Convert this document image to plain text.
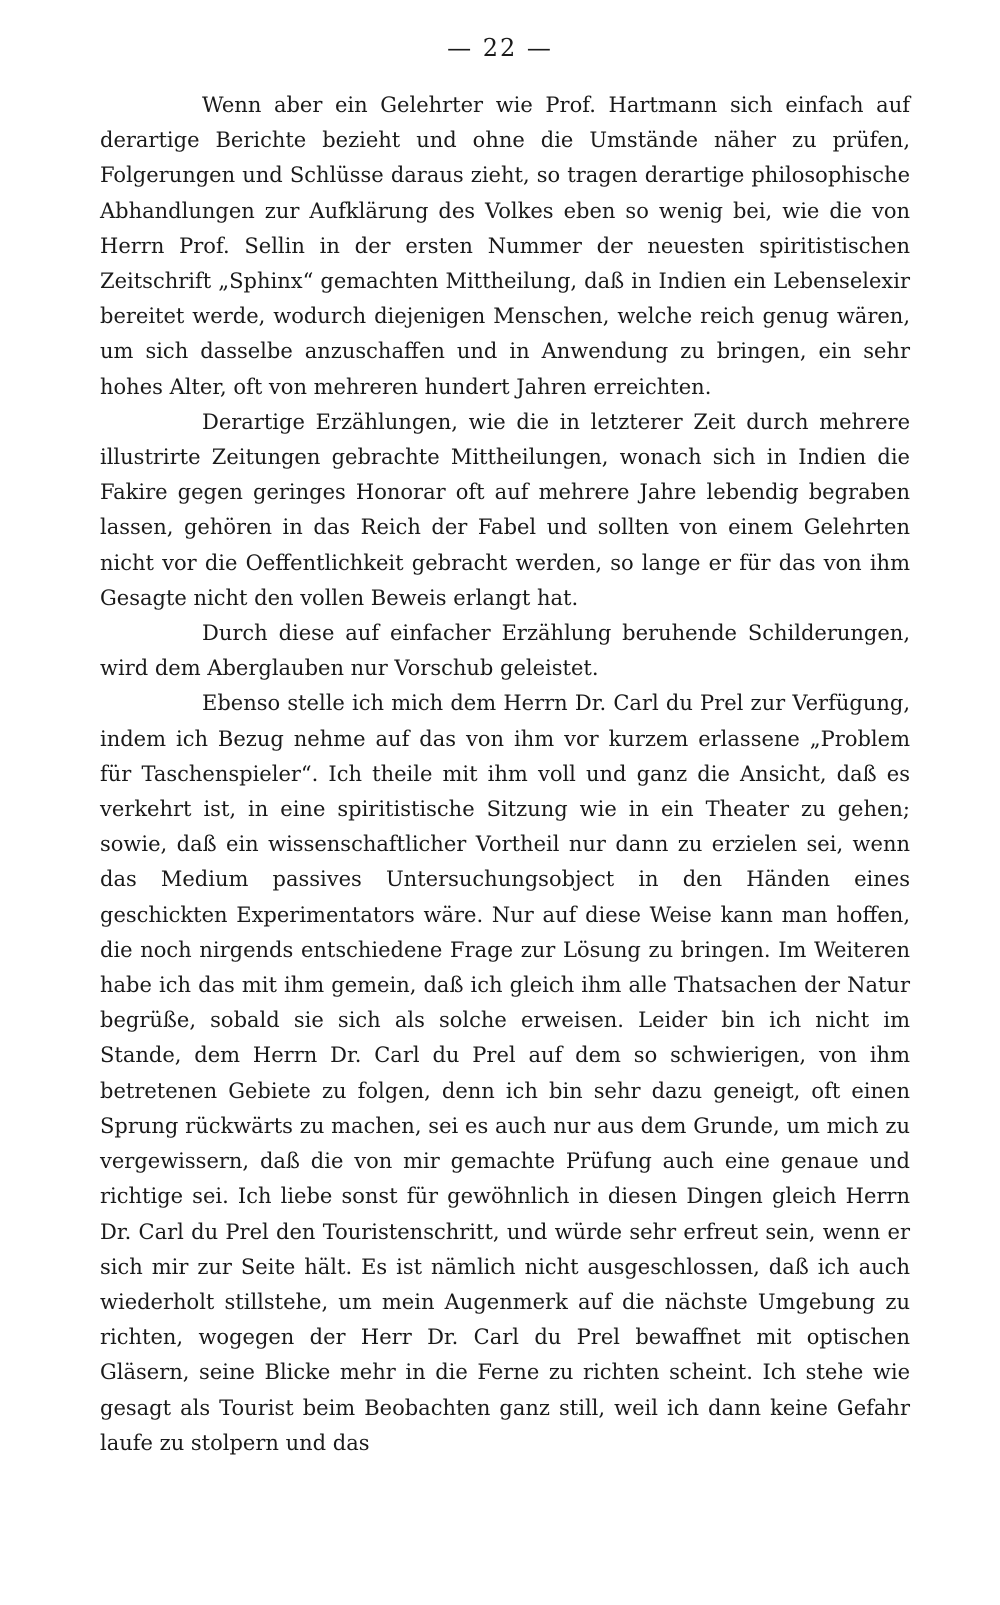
— 22 —

Wenn aber ein Gelehrter wie Prof. Hartmann sich einfach auf derartige Berichte bezieht und ohne die Umstände näher zu prüfen, Folgerungen und Schlüsse daraus zieht, so tragen derartige philosophische Abhandlungen zur Aufklärung des Volkes eben so wenig bei, wie die von Herrn Prof. Sellin in der ersten Nummer der neuesten spiritistischen Zeitschrift „Sphinx“ gemachten Mittheilung, daß in Indien ein Lebenselexir bereitet werde, wodurch diejenigen Menschen, welche reich genug wären, um sich dasselbe anzuschaffen und in Anwendung zu bringen, ein sehr hohes Alter, oft von mehreren hundert Jahren erreichten.

Derartige Erzählungen, wie die in letzterer Zeit durch mehrere illustrirte Zeitungen gebrachte Mittheilungen, wonach sich in Indien die Fakire gegen geringes Honorar oft auf mehrere Jahre lebendig begraben lassen, gehören in das Reich der Fabel und sollten von einem Gelehrten nicht vor die Oeffentlichkeit gebracht werden, so lange er für das von ihm Gesagte nicht den vollen Beweis erlangt hat.

Durch diese auf einfacher Erzählung beruhende Schilderungen, wird dem Aberglauben nur Vorschub geleistet.

Ebenso stelle ich mich dem Herrn Dr. Carl du Prel zur Verfügung, indem ich Bezug nehme auf das von ihm vor kurzem erlassene „Problem für Taschenspieler“. Ich theile mit ihm voll und ganz die Ansicht, daß es verkehrt ist, in eine spiritistische Sitzung wie in ein Theater zu gehen; sowie, daß ein wissenschaftlicher Vortheil nur dann zu erzielen sei, wenn das Medium passives Untersuchungsobject in den Händen eines geschickten Experimentators wäre. Nur auf diese Weise kann man hoffen, die noch nirgends entschiedene Frage zur Lösung zu bringen. Im Weiteren habe ich das mit ihm gemein, daß ich gleich ihm alle Thatsachen der Natur begrüße, sobald sie sich als solche erweisen. Leider bin ich nicht im Stande, dem Herrn Dr. Carl du Prel auf dem so schwierigen, von ihm betretenen Gebiete zu folgen, denn ich bin sehr dazu geneigt, oft einen Sprung rückwärts zu machen, sei es auch nur aus dem Grunde, um mich zu vergewissern, daß die von mir gemachte Prüfung auch eine genaue und richtige sei. Ich liebe sonst für gewöhnlich in diesen Dingen gleich Herrn Dr. Carl du Prel den Touristenschritt, und würde sehr erfreut sein, wenn er sich mir zur Seite hält. Es ist nämlich nicht ausgeschlossen, daß ich auch wiederholt stillstehe, um mein Augenmerk auf die nächste Umgebung zu richten, wogegen der Herr Dr. Carl du Prel bewaffnet mit optischen Gläsern, seine Blicke mehr in die Ferne zu richten scheint. Ich stehe wie gesagt als Tourist beim Beobachten ganz still, weil ich dann keine Gefahr laufe zu stolpern und das
